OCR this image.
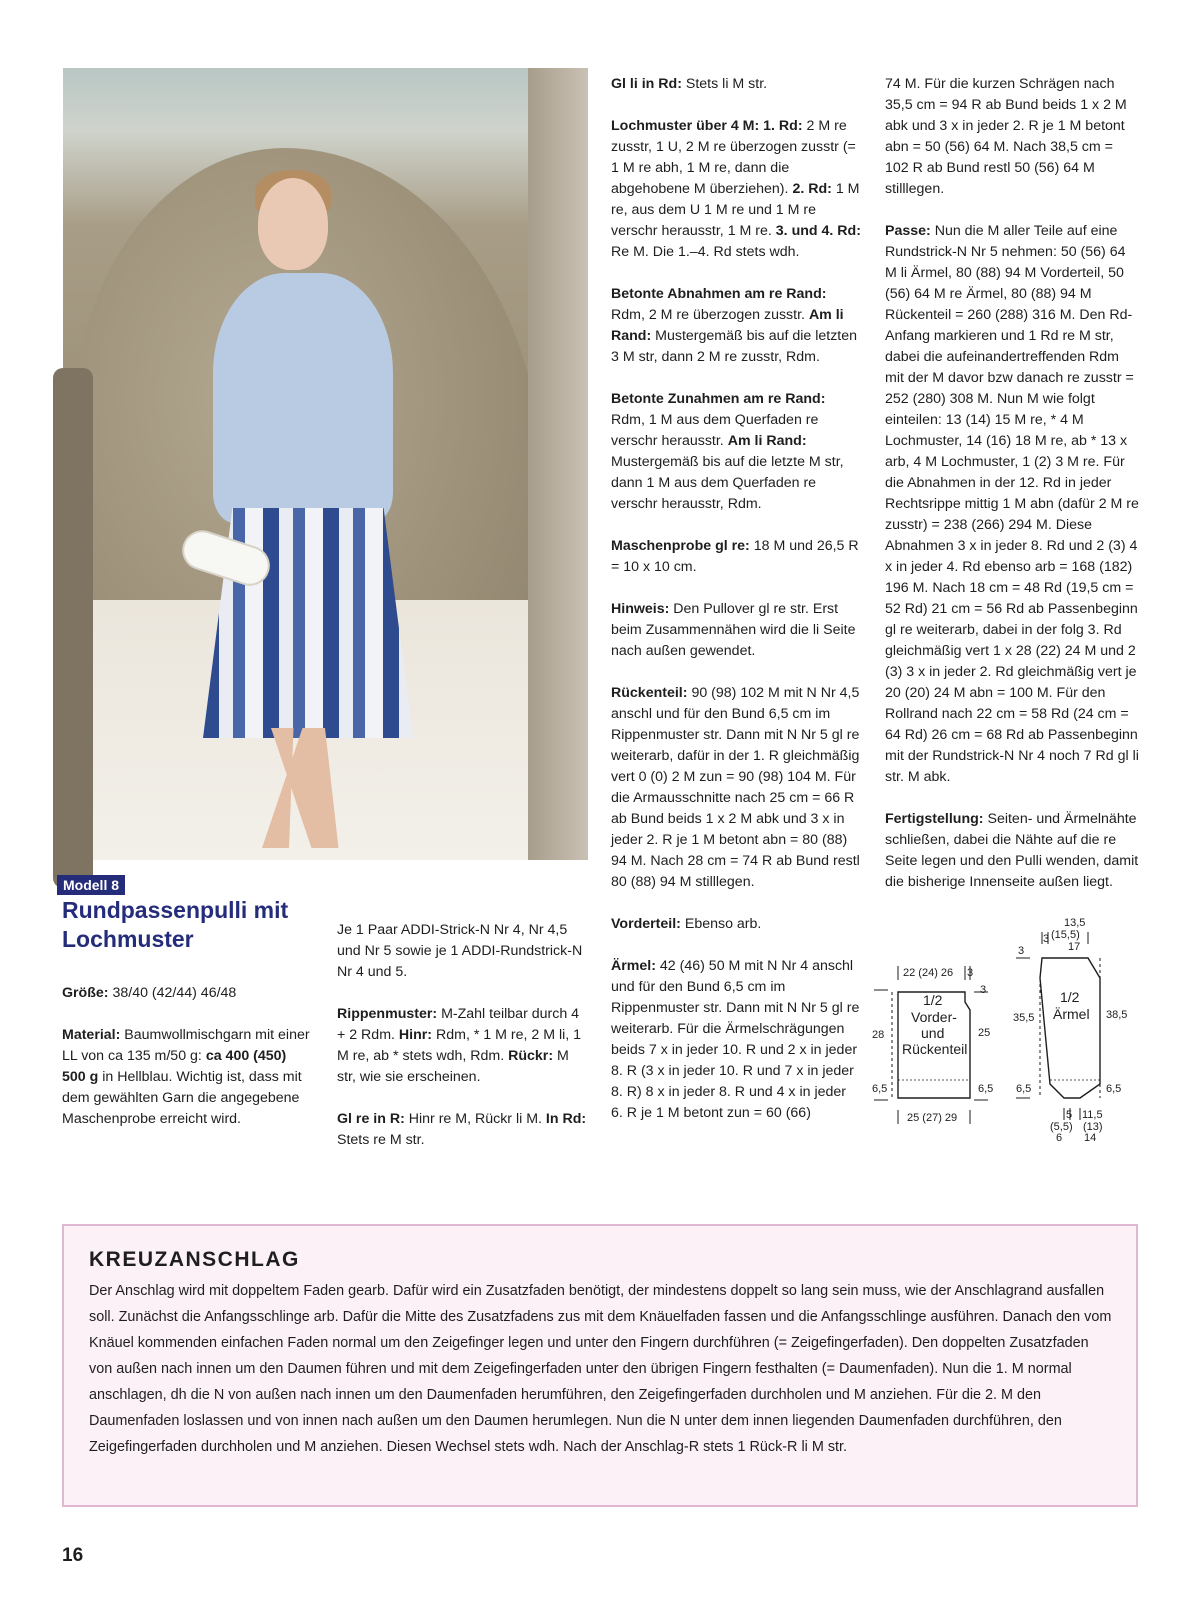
Modell 8
Rundpassenpulli mit
Lochmuster

Größe: 38/40 (42/44) 46/48

Material: Baumwollmischgarn mit einer LL von ca 135 m/50 g: ca 400 (450) 500 g in Hellblau. Wichtig ist, dass mit dem gewählten Garn die angegebene Maschenprobe erreicht wird.

Je 1 Paar ADDI-Strick-N Nr 4, Nr 4,5 und Nr 5 sowie je 1 ADDI-Rundstrick-N Nr 4 und 5.

Rippenmuster: M-Zahl teilbar durch 4 + 2 Rdm. Hinr: Rdm, * 1 M re, 2 M li, 1 M re, ab * stets wdh, Rdm. Rückr: M str, wie sie erscheinen.

Gl re in R: Hinr re M, Rückr li M. In Rd: Stets re M str.

Gl li in Rd: Stets li M str.

Lochmuster über 4 M: 1. Rd: 2 M re zusstr, 1 U, 2 M re überzogen zusstr (= 1 M re abh, 1 M re, dann die abgehobene M überziehen). 2. Rd: 1 M re, aus dem U 1 M re und 1 M re verschr herausstr, 1 M re. 3. und 4. Rd: Re M. Die 1.–4. Rd stets wdh.

Betonte Abnahmen am re Rand: Rdm, 2 M re überzogen zusstr. Am li Rand: Mustergemäß bis auf die letzten 3 M str, dann 2 M re zusstr, Rdm.

Betonte Zunahmen am re Rand: Rdm, 1 M aus dem Querfaden re verschr herausstr. Am li Rand: Mustergemäß bis auf die letzte M str, dann 1 M aus dem Querfaden re verschr herausstr, Rdm.

Maschenprobe gl re: 18 M und 26,5 R = 10 x 10 cm.

Hinweis: Den Pullover gl re str. Erst beim Zusammennähen wird die li Seite nach außen gewendet.

Rückenteil: 90 (98) 102 M mit N Nr 4,5 anschl und für den Bund 6,5 cm im Rippenmuster str. Dann mit N Nr 5 gl re weiterarb, dafür in der 1. R gleichmäßig vert 0 (0) 2 M zun = 90 (98) 104 M. Für die Armausschnitte nach 25 cm = 66 R ab Bund beids 1 x 2 M abk und 3 x in jeder 2. R je 1 M betont abn = 80 (88) 94 M. Nach 28 cm = 74 R ab Bund restl 80 (88) 94 M stilllegen.

Vorderteil: Ebenso arb.

Ärmel: 42 (46) 50 M mit N Nr 4 anschl und für den Bund 6,5 cm im Rippenmuster str. Dann mit N Nr 5 gl re weiterarb. Für die Ärmelschrägungen beids 7 x in jeder 10. R und 2 x in jeder 8. R (3 x in jeder 10. R und 7 x in jeder 8. R) 8 x in jeder 8. R und 4 x in jeder 6. R je 1 M betont zun = 60 (66)

74 M. Für die kurzen Schrägen nach 35,5 cm = 94 R ab Bund beids 1 x 2 M abk und 3 x in jeder 2. R je 1 M betont abn = 50 (56) 64 M. Nach 38,5 cm = 102 R ab Bund restl 50 (56) 64 M stilllegen.

Passe: Nun die M aller Teile auf eine Rundstrick-N Nr 5 nehmen: 50 (56) 64 M li Ärmel, 80 (88) 94 M Vorderteil, 50 (56) 64 M re Ärmel, 80 (88) 94 M Rückenteil = 260 (288) 316 M. Den Rd-Anfang markieren und 1 Rd re M str, dabei die aufeinandertreffenden Rdm mit der M davor bzw danach re zusstr = 252 (280) 308 M. Nun M wie folgt einteilen: 13 (14) 15 M re, * 4 M Lochmuster, 14 (16) 18 M re, ab * 13 x arb, 4 M Lochmuster, 1 (2) 3 M re. Für die Abnahmen in der 12. Rd in jeder Rechtsrippe mittig 1 M abn (dafür 2 M re zusstr) = 238 (266) 294 M. Diese Abnahmen 3 x in jeder 8. Rd und 2 (3) 4 x in jeder 4. Rd ebenso arb = 168 (182) 196 M. Nach 18 cm = 48 Rd (19,5 cm = 52 Rd) 21 cm = 56 Rd ab Passenbeginn gl re weiterarb, dabei in der folg 3. Rd gleichmäßig vert 1 x 28 (22) 24 M und 2 (3) 3 x in jeder 2. Rd gleichmäßig vert je 20 (20) 24 M abn = 100 M. Für den Rollrand nach 22 cm = 58 Rd (24 cm = 64 Rd) 26 cm = 68 Rd ab Passenbeginn mit der Rundstrick-N Nr 4 noch 7 Rd gl li str. M abk.

Fertigstellung: Seiten- und Ärmelnähte schließen, dabei die Nähte auf die re Seite legen und den Pulli wenden, damit die bisherige Innenseite außen liegt.

22 (24) 26 3
3
1/2
Vorder-
und
Rückenteil
28	25
6,5	6,5
25 (27) 29
13,5
(15,5)
17
3
3
1/2
Ärmel
35,5	38,5
6,5	6,5
5
(5,5)
6
11,5
(13)
14
KREUZANSCHLAG
Der Anschlag wird mit doppeltem Faden gearb. Dafür wird ein Zusatzfaden benötigt, der mindestens doppelt so lang sein muss, wie der Anschlagrand ausfallen soll. Zunächst die Anfangsschlinge arb. Dafür die Mitte des Zusatzfadens zus mit dem Knäuelfaden fassen und die Anfangsschlinge ausführen. Danach den vom Knäuel kommenden einfachen Faden normal um den Zeigefinger legen und unter den Fingern durchführen (= Zeigefingerfaden). Den doppelten Zusatzfaden von außen nach innen um den Daumen führen und mit dem Zeigefingerfaden unter den übrigen Fingern festhalten (= Daumenfaden). Nun die 1. M normal anschlagen, dh die N von außen nach innen um den Daumenfaden herumführen, den Zeigefingerfaden durchholen und M anziehen. Für die 2. M den Daumenfaden loslassen und von innen nach außen um den Daumen herumlegen. Nun die N unter dem innen liegenden Daumenfaden durchführen, den Zeigefingerfaden durchholen und M anziehen. Diesen Wechsel stets wdh. Nach der Anschlag-R stets 1 Rück-R li M str.
16
